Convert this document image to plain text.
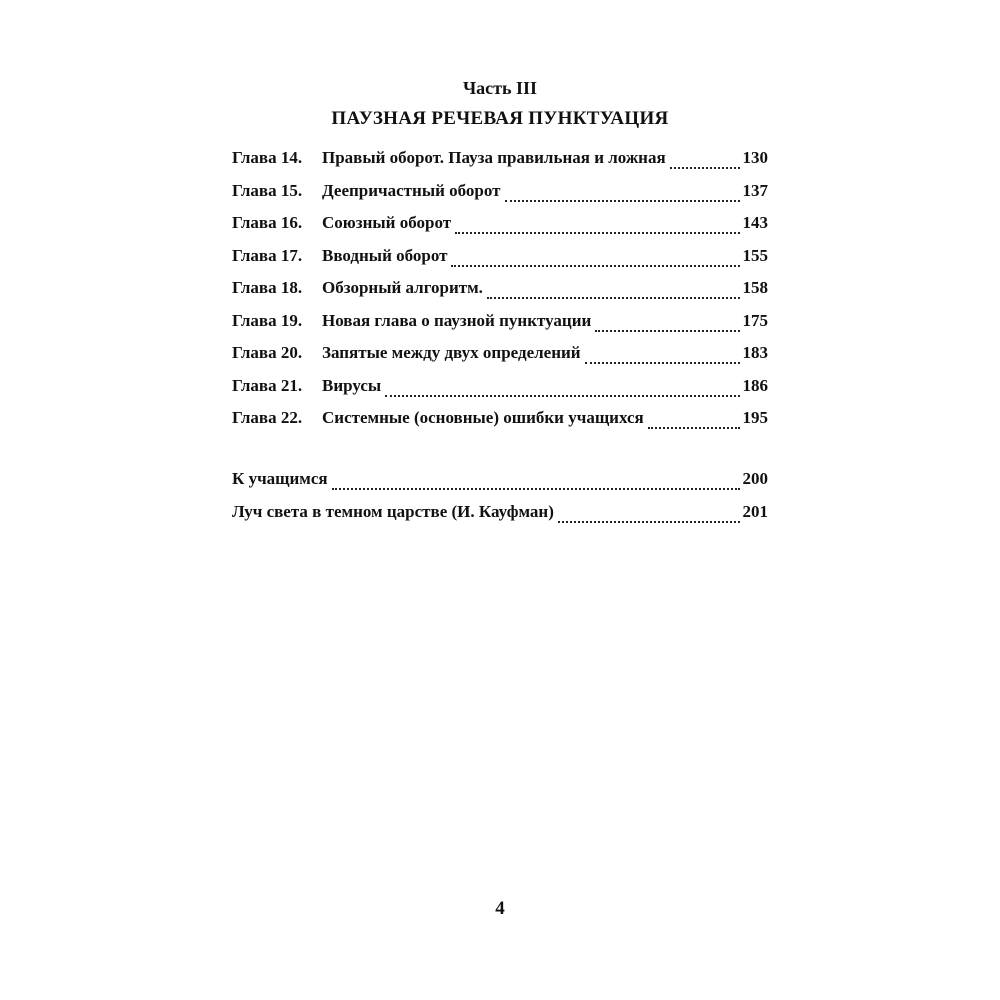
Часть III
ПАУЗНАЯ РЕЧЕВАЯ ПУНКТУАЦИЯ
Глава 14.	Правый оборот. Пауза правильная и ложная	130
Глава 15.	Деепричастный оборот	137
Глава 16.	Союзный оборот	143
Глава 17.	Вводный оборот	155
Глава 18.	Обзорный алгоритм.	158
Глава 19.	Новая глава о паузной пунктуации	175
Глава 20.	Запятые между двух определений	183
Глава 21.	Вирусы	186
Глава 22.	Системные (основные) ошибки учащихся	195
К учащимся	200
Луч света в темном царстве (И. Кауфман)	201
4
